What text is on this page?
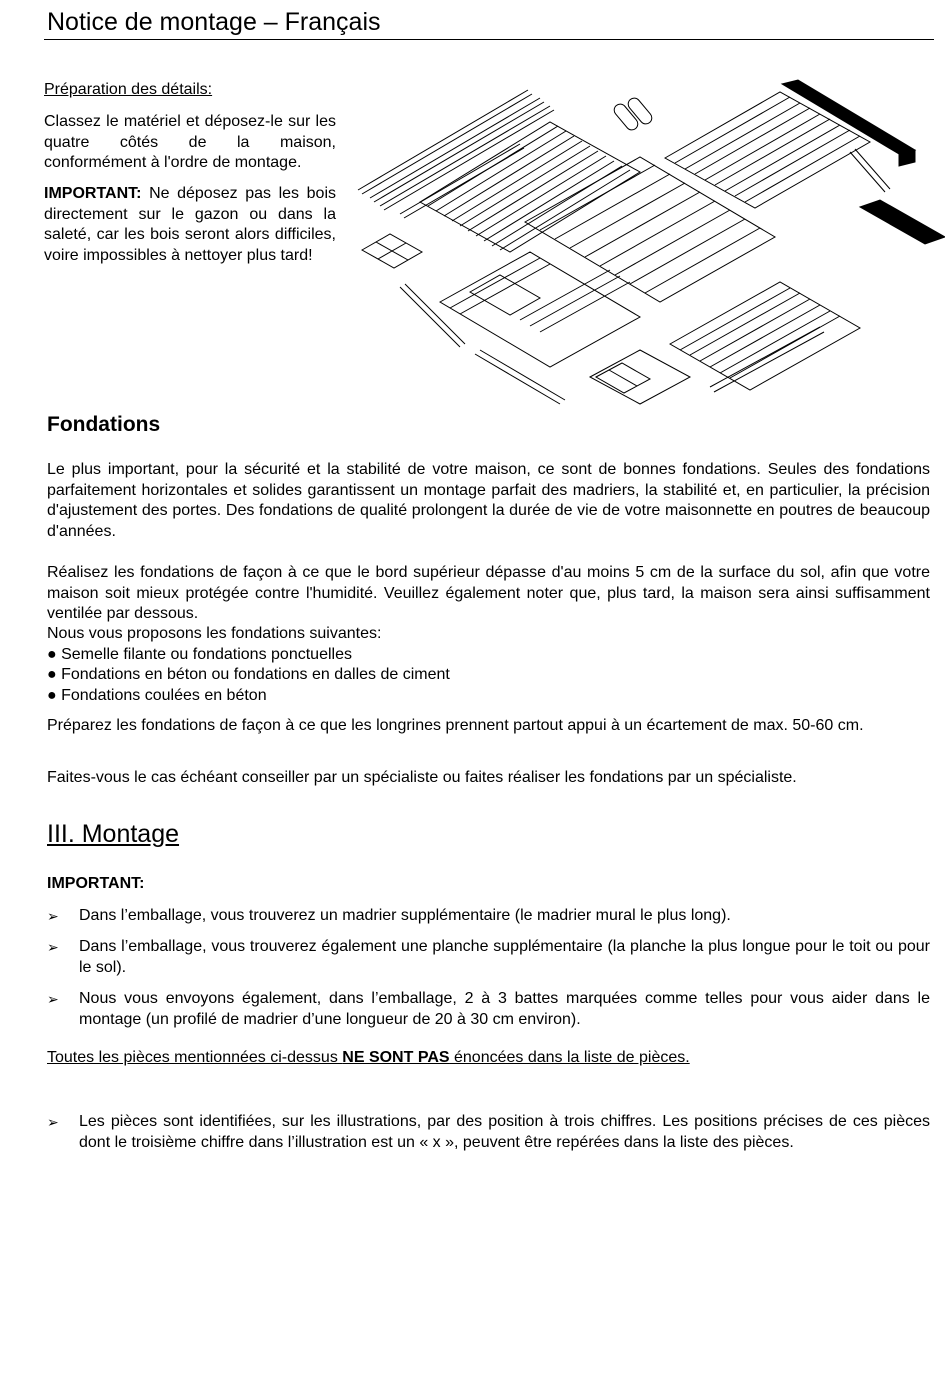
Notice de montage – Français
Préparation des détails:

Classez le matériel et déposez-le sur les quatre côtés de la maison, conformément à l'ordre de montage.

IMPORTANT: Ne déposez pas les bois directement sur le gazon ou dans la saleté, car les bois seront alors difficiles, voire impossibles à nettoyer plus tard!

Fondations

Le plus important, pour la sécurité et la stabilité de votre maison, ce sont de bonnes fondations. Seules des fondations parfaitement horizontales et solides garantissent un montage parfait des madriers, la stabilité et, en particulier, la précision d'ajustement des portes. Des fondations de qualité prolongent la durée de vie de votre maisonnette en poutres de beaucoup d'années.

Réalisez les fondations de façon à ce que le bord supérieur dépasse d'au moins 5 cm de la surface du sol, afin que votre maison soit mieux protégée contre l'humidité. Veuillez également noter que, plus tard, la maison sera ainsi suffisamment ventilée par dessous.

Nous vous proposons les fondations suivantes:
● Semelle filante ou fondations ponctuelles
● Fondations en béton ou fondations en dalles de ciment
● Fondations coulées en béton

Préparez les fondations de façon à ce que les longrines prennent partout appui à un écartement de max. 50-60 cm.

Faites-vous le cas échéant conseiller par un spécialiste ou faites réaliser les fondations par un spécialiste.

III. Montage
IMPORTANT:
➢	Dans l’emballage, vous trouverez un madrier supplémentaire (le madrier mural le plus long).
➢	Dans l’emballage, vous trouverez également une planche supplémentaire (la planche la plus longue pour le toit ou pour le sol).
➢	Nous vous envoyons également, dans l’emballage, 2 à 3 battes marquées comme telles pour vous aider dans le montage (un profilé de madrier d’une longueur de 20 à 30 cm environ).
Toutes les pièces mentionnées ci-dessus NE SONT PAS énoncées dans la liste de pièces.
➢	Les pièces sont identifiées, sur les illustrations, par des position à trois chiffres. Les positions précises de ces pièces dont le troisième chiffre dans l’illustration est un « x », peuvent être repérées dans la liste des pièces.
